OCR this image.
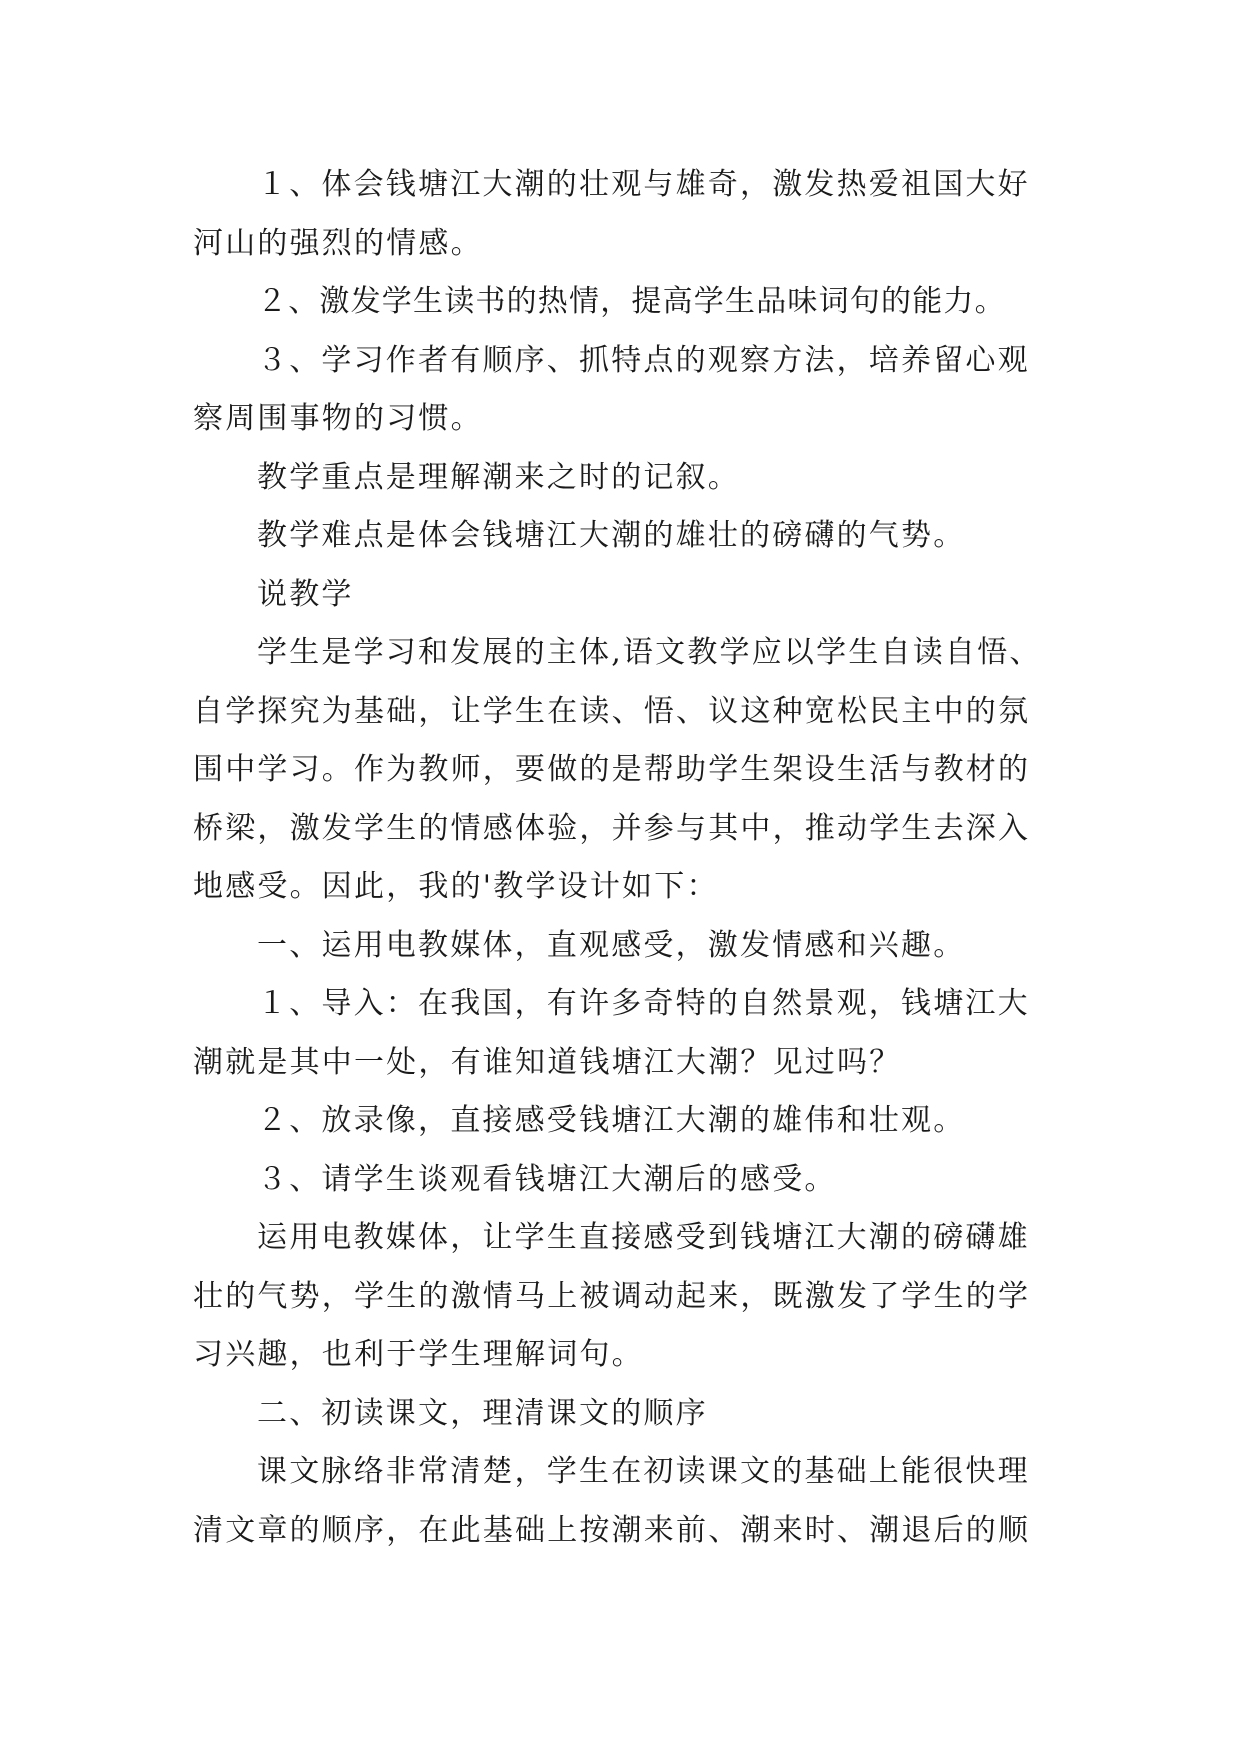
１、体会钱塘江大潮的壮观与雄奇，激发热爱祖国大好河山的强烈的情感。

２、激发学生读书的热情，提高学生品味词句的能力。

３、学习作者有顺序、抓特点的观察方法，培养留心观察周围事物的习惯。

教学重点是理解潮来之时的记叙。

教学难点是体会钱塘江大潮的雄壮的磅礴的气势。

说教学

学生是学习和发展的主体,语文教学应以学生自读自悟、自学探究为基础，让学生在读、悟、议这种宽松民主中的氛围中学习。作为教师，要做的是帮助学生架设生活与教材的桥梁，激发学生的情感体验，并参与其中，推动学生去深入地感受。因此，我的'教学设计如下：

一、运用电教媒体，直观感受，激发情感和兴趣。

１、导入：在我国，有许多奇特的自然景观，钱塘江大潮就是其中一处，有谁知道钱塘江大潮？见过吗？

２、放录像，直接感受钱塘江大潮的雄伟和壮观。

３、请学生谈观看钱塘江大潮后的感受。

运用电教媒体，让学生直接感受到钱塘江大潮的磅礴雄壮的气势，学生的激情马上被调动起来，既激发了学生的学习兴趣，也利于学生理解词句。

二、初读课文，理清课文的顺序

课文脉络非常清楚，学生在初读课文的基础上能很快理清文章的顺序，在此基础上按潮来前、潮来时、潮退后的顺
